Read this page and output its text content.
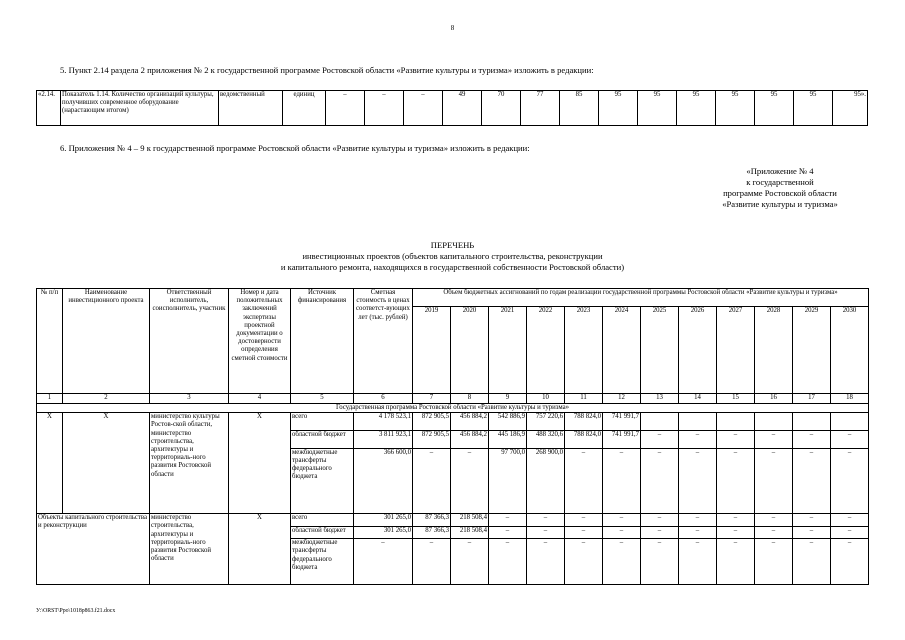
8
5. Пункт 2.14 раздела 2 приложения № 2 к государственной программе Ростовской области «Развитие культуры и туризма» изложить в редакции:
«2.14.	Показатель 1.14. Количество организаций культуры, получивших современное оборудование (нарастающим итогом)	ведомственный	единиц	–	–	–	49	70	77	85	95	95	95	95	95	95	95».
6. Приложения № 4 – 9 к государственной программе Ростовской области «Развитие культуры и туризма» изложить в редакции:
«Приложение № 4
к государственной
программе Ростовской области
«Развитие культуры и туризма»
ПЕРЕЧЕНЬ
инвестиционных проектов (объектов капитального строительства, реконструкции
и капитального ремонта, находящихся в государственной собственности Ростовской области)
№ п/п	Наименование инвестиционного проекта	Ответственный исполнитель, соисполнитель, участник	Номер и дата положительных заключений экспертизы проектной документации о достоверности определения сметной стоимости	Источник финансирования	Сметная стоимость в ценах соответст-вующих лет (тыс. рублей)	Объем бюджетных ассигнований по годам реализации государственной программы Ростовской области «Развитие культуры и туризма»											
						2019	2020	2021	2022	2023	2024	2025	2026	2027	2028	2029	2030
1	2	3	4	5	6	7	8	9	10	11	12	13	14	15	16	17	18
Государственная программа Ростовской области «Развитие культуры и туризма»																	
Х	Х	министерство культуры Ростов-ской области, министерство строительства, архитектуры и территориаль-ного развития Ростовской области	Х	всего	4 178 523,1	872 905,5	456 884,2	542 886,9	757 220,6	788 824,0	741 991,7						
				областной бюджет	3 811 923,1	872 905,5	456 884,2	445 186,9	488 320,6	788 824,0	741 991,7	–	–	–	–	–	–
				межбюджетные трансферты федерального бюджета	366 600,0	–	–	97 700,0	268 900,0	–	–	–	–	–	–	–	–
Объекты капитального строительства и реконструкции		министерство строительства, архитектуры и территориаль-ного развития Ростовской области	Х	всего	301 265,0	87 366,3	218 508,4	–	–	–	–	–	–	–	–	–	–
				областной бюджет	301 265,0	87 366,3	218 508,4	–	–	–	–	–	–	–	–	–	–
				межбюджетные трансферты федерального бюджета	–	–	–	–	–	–	–	–	–	–	–	–	–
У:\ORST\Ppo\1018p863.f21.docx
